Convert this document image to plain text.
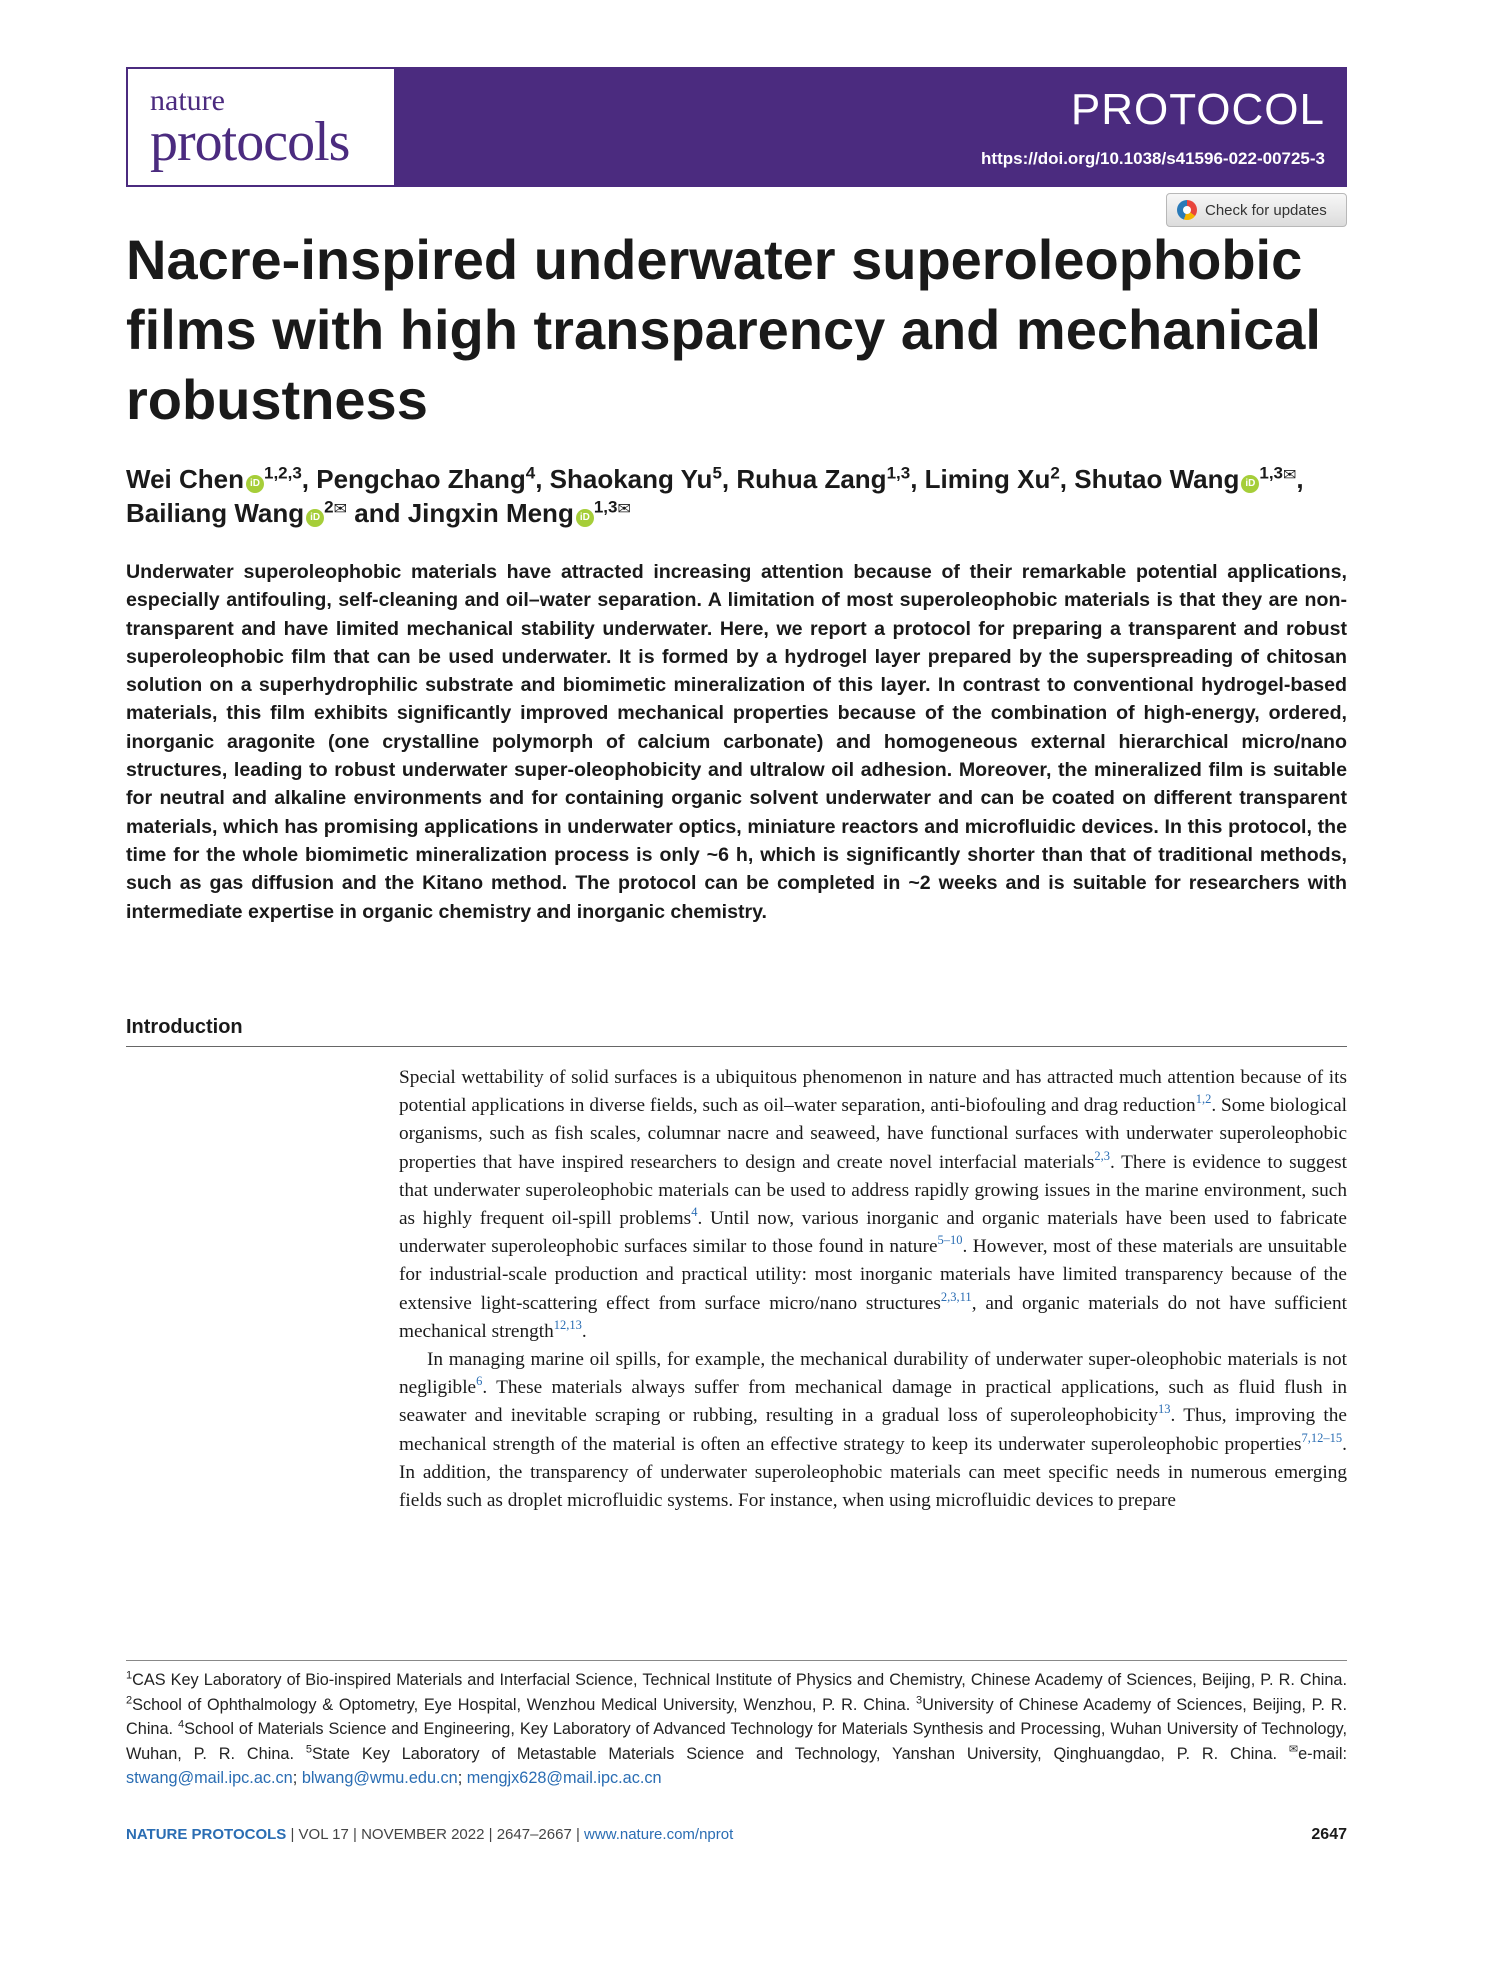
nature
protocols
PROTOCOL
https://doi.org/10.1038/s41596-022-00725-3
Check for updates
Nacre-inspired underwater superoleophobic films with high transparency and mechanical robustness
Wei Chen iD$^{1,2,3}$, Pengchao Zhang$^4$, Shaokang Yu$^5$, Ruhua Zang$^{1,3}$, Liming Xu$^2$, Shutao Wang $iD^{1,3✉}$,
Bailiang Wang $iD^{2✉}$ and Jingxin Meng $iD^{1,3✉}$

Underwater superoleophobic materials have attracted increasing attention because of their remarkable potential applications, especially antifouling, self-cleaning and oil–water separation. A limitation of most superoleophobic materials is that they are non-transparent and have limited mechanical stability underwater. Here, we report a protocol for preparing a transparent and robust superoleophobic film that can be used underwater. It is formed by a hydrogel layer prepared by the superspreading of chitosan solution on a superhydrophilic substrate and biomimetic mineralization of this layer. In contrast to conventional hydrogel-based materials, this film exhibits significantly improved mechanical properties because of the combination of high-energy, ordered, inorganic aragonite (one crystalline polymorph of calcium carbonate) and homogeneous external hierarchical micro/nano structures, leading to robust underwater super-oleophobicity and ultralow oil adhesion. Moreover, the mineralized film is suitable for neutral and alkaline environments and for containing organic solvent underwater and can be coated on different transparent materials, which has promising applications in underwater optics, miniature reactors and microfluidic devices. In this protocol, the time for the whole biomimetic mineralization process is only ~6 h, which is significantly shorter than that of traditional methods, such as gas diffusion and the Kitano method. The protocol can be completed in ~2 weeks and is suitable for researchers with intermediate expertise in organic chemistry and inorganic chemistry.

Introduction

Special wettability of solid surfaces is a ubiquitous phenomenon in nature and has attracted much attention because of its potential applications in diverse fields, such as oil–water separation, anti-biofouling and drag reduction$^{1,2}$. Some biological organisms, such as fish scales, columnar nacre and seaweed, have functional surfaces with underwater superoleophobic properties that have inspired researchers to design and create novel interfacial materials$^{2,3}$. There is evidence to suggest that underwater superoleophobic materials can be used to address rapidly growing issues in the marine environment, such as highly frequent oil-spill problems$^4$. Until now, various inorganic and organic materials have been used to fabricate underwater superoleophobic surfaces similar to those found in nature$^{5-10}$. However, most of these materials are unsuitable for industrial-scale production and practical utility: most inorganic materials have limited transparency because of the extensive light-scattering effect from surface micro/nano structures$^{2,3,11}$, and organic materials do not have sufficient mechanical strength$^{12,13}$.

In managing marine oil spills, for example, the mechanical durability of underwater super-oleophobic materials is not negligible$^6$. These materials always suffer from mechanical damage in practical applications, such as fluid flush in seawater and inevitable scraping or rubbing, resulting in a gradual loss of superoleophobicity$^{13}$. Thus, improving the mechanical strength of the material is often an effective strategy to keep its underwater superoleophobic properties$^{7,12-15}$. In addition, the transparency of underwater superoleophobic materials can meet specific needs in numerous emerging fields such as droplet microfluidic systems. For instance, when using microfluidic devices to prepare

$^1$CAS Key Laboratory of Bio-inspired Materials and Interfacial Science, Technical Institute of Physics and Chemistry, Chinese Academy of Sciences, Beijing, P. R. China. $^2$School of Ophthalmology & Optometry, Eye Hospital, Wenzhou Medical University, Wenzhou, P. R. China. $^3$University of Chinese Academy of Sciences, Beijing, P. R. China. $^4$School of Materials Science and Engineering, Key Laboratory of Advanced Technology for Materials Synthesis and Processing, Wuhan University of Technology, Wuhan, P. R. China. $^5$State Key Laboratory of Metastable Materials Science and Technology, Yanshan University, Qinghuangdao, P. R. China. ✉e-mail: stwang@mail.ipc.ac.cn; blwang@wmu.edu.cn; mengjx628@mail.ipc.ac.cn

NATURE PROTOCOLS | VOL 17 | NOVEMBER 2022 | 2647–2667 | www.nature.com/nprot	2647
